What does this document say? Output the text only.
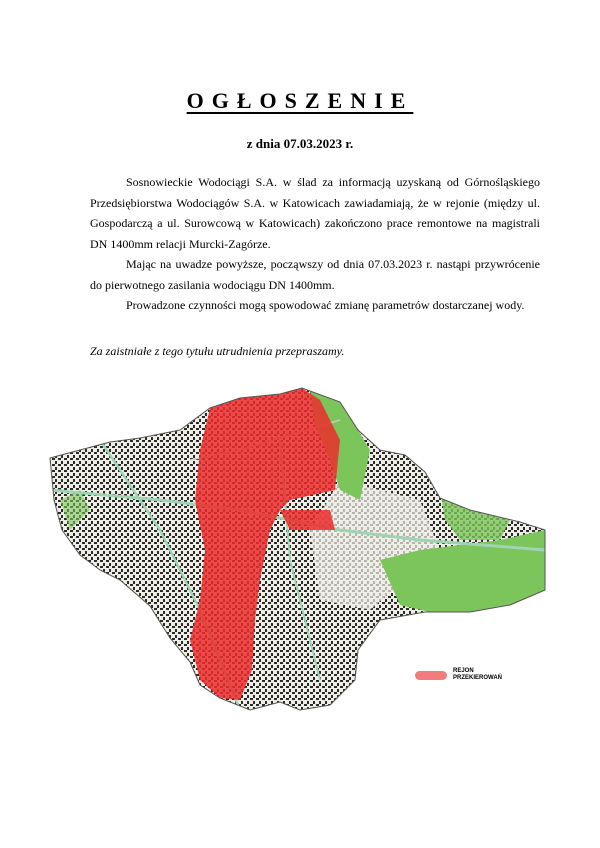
OGŁOSZENIE
z dnia 07.03.2023 r.

Sosnowieckie Wodociągi S.A. w ślad za informacją uzyskaną od Górnośląskiego Przedsiębiorstwa Wodociągów S.A. w Katowicach zawiadamiają, że w rejonie (między ul. Gospodarczą a ul. Surowcową w Katowicach) zakończono prace remontowe na magistrali DN 1400mm relacji Murcki-Zagórze.

Mając na uwadze powyższe, począwszy od dnia 07.03.2023 r. nastąpi przywrócenie do pierwotnego zasilania wodociągu DN 1400mm.

Prowadzone czynności mogą spowodować zmianę parametrów dostarczanej wody.

Za zaistniałe z tego tytułu utrudnienia przepraszamy.
REJON PRZEKIEROWAŃ
